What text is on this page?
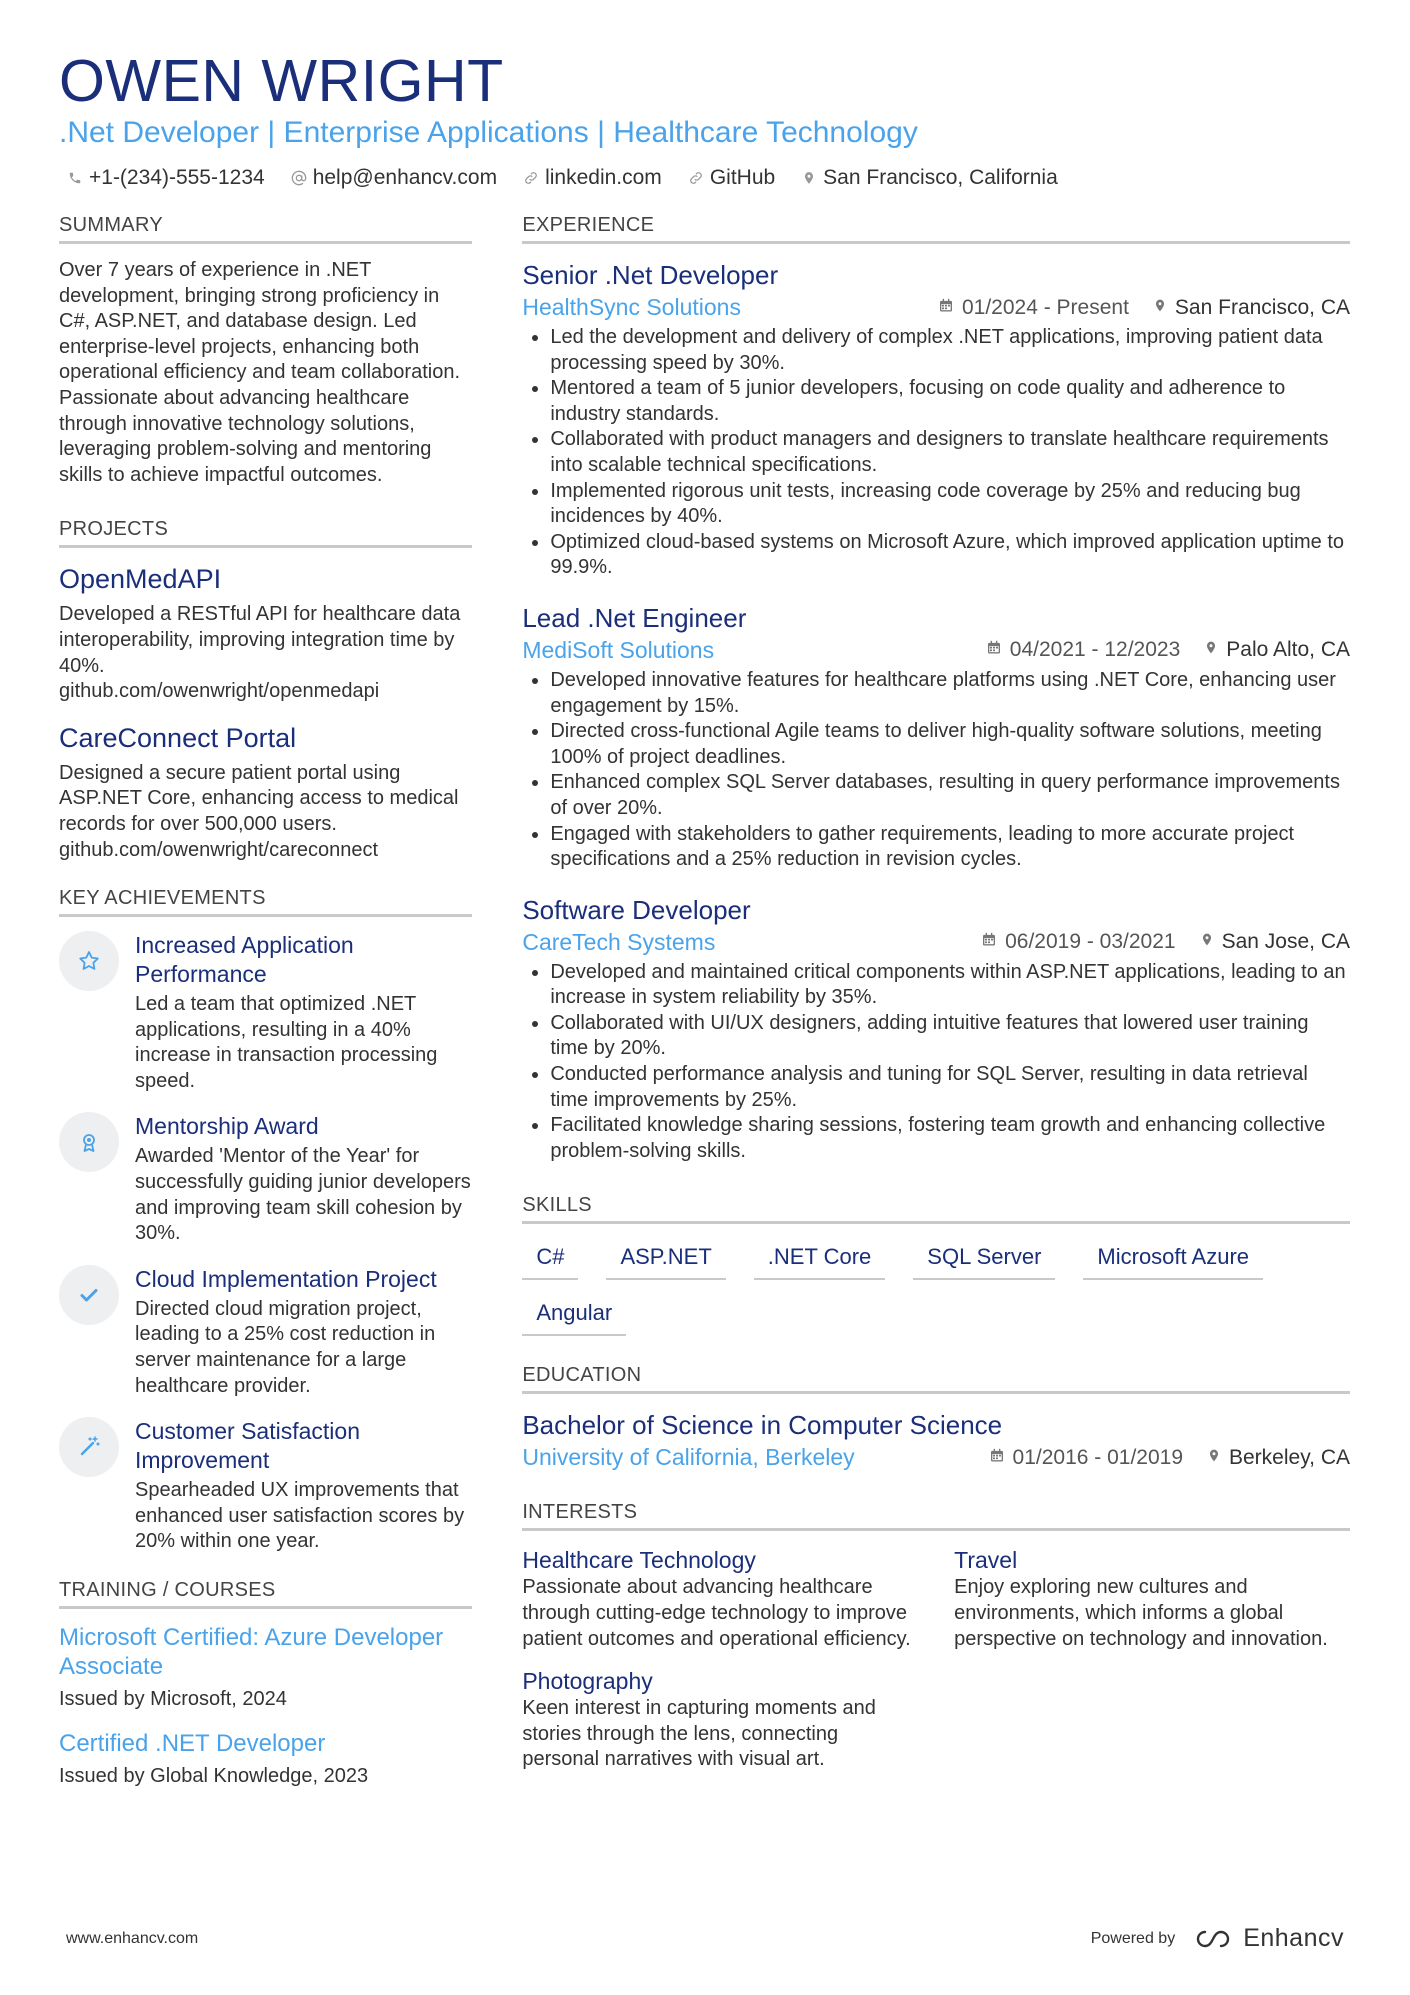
OWEN WRIGHT
.Net Developer | Enterprise Applications | Healthcare Technology
+1-(234)-555-1234 help@enhancv.com linkedin.com GitHub San Francisco, California
SUMMARY
Over 7 years of experience in .NET development, bringing strong proficiency in C#, ASP.NET, and database design. Led enterprise-level projects, enhancing both operational efficiency and team collaboration. Passionate about advancing healthcare through innovative technology solutions, leveraging problem-solving and mentoring skills to achieve impactful outcomes.
PROJECTS
OpenMedAPI
Developed a RESTful API for healthcare data interoperability, improving integration time by 40%.
github.com/owenwright/openmedapi
CareConnect Portal
Designed a secure patient portal using ASP.NET Core, enhancing access to medical records for over 500,000 users.
github.com/owenwright/careconnect
KEY ACHIEVEMENTS
Increased Application Performance
Led a team that optimized .NET applications, resulting in a 40% increase in transaction processing speed.
Mentorship Award
Awarded 'Mentor of the Year' for successfully guiding junior developers and improving team skill cohesion by 30%.
Cloud Implementation Project
Directed cloud migration project, leading to a 25% cost reduction in server maintenance for a large healthcare provider.
Customer Satisfaction Improvement
Spearheaded UX improvements that enhanced user satisfaction scores by 20% within one year.
TRAINING / COURSES
Microsoft Certified: Azure Developer Associate
Issued by Microsoft, 2024
Certified .NET Developer
Issued by Global Knowledge, 2023
EXPERIENCE
Senior .Net Developer
HealthSync Solutions	01/2024 - Present San Francisco, CA
• Led the development and delivery of complex .NET applications, improving patient data processing speed by 30%.
• Mentored a team of 5 junior developers, focusing on code quality and adherence to industry standards.
• Collaborated with product managers and designers to translate healthcare requirements into scalable technical specifications.
• Implemented rigorous unit tests, increasing code coverage by 25% and reducing bug incidences by 40%.
• Optimized cloud-based systems on Microsoft Azure, which improved application uptime to 99.9%.
Lead .Net Engineer
MediSoft Solutions	04/2021 - 12/2023 Palo Alto, CA
• Developed innovative features for healthcare platforms using .NET Core, enhancing user engagement by 15%.
• Directed cross-functional Agile teams to deliver high-quality software solutions, meeting 100% of project deadlines.
• Enhanced complex SQL Server databases, resulting in query performance improvements of over 20%.
• Engaged with stakeholders to gather requirements, leading to more accurate project specifications and a 25% reduction in revision cycles.
Software Developer
CareTech Systems	06/2019 - 03/2021 San Jose, CA
• Developed and maintained critical components within ASP.NET applications, leading to an increase in system reliability by 35%.
• Collaborated with UI/UX designers, adding intuitive features that lowered user training time by 20%.
• Conducted performance analysis and tuning for SQL Server, resulting in data retrieval time improvements by 25%.
• Facilitated knowledge sharing sessions, fostering team growth and enhancing collective problem-solving skills.
SKILLS
C#	ASP.NET	.NET Core	SQL Server	Microsoft Azure
Angular
EDUCATION
Bachelor of Science in Computer Science
University of California, Berkeley	01/2016 - 01/2019 Berkeley, CA
INTERESTS
Healthcare Technology
Passionate about advancing healthcare through cutting-edge technology to improve patient outcomes and operational efficiency.
Travel
Enjoy exploring new cultures and environments, which informs a global perspective on technology and innovation.
Photography
Keen interest in capturing moments and stories through the lens, connecting personal narratives with visual art.
www.enhancv.com	Powered by	Enhancv
